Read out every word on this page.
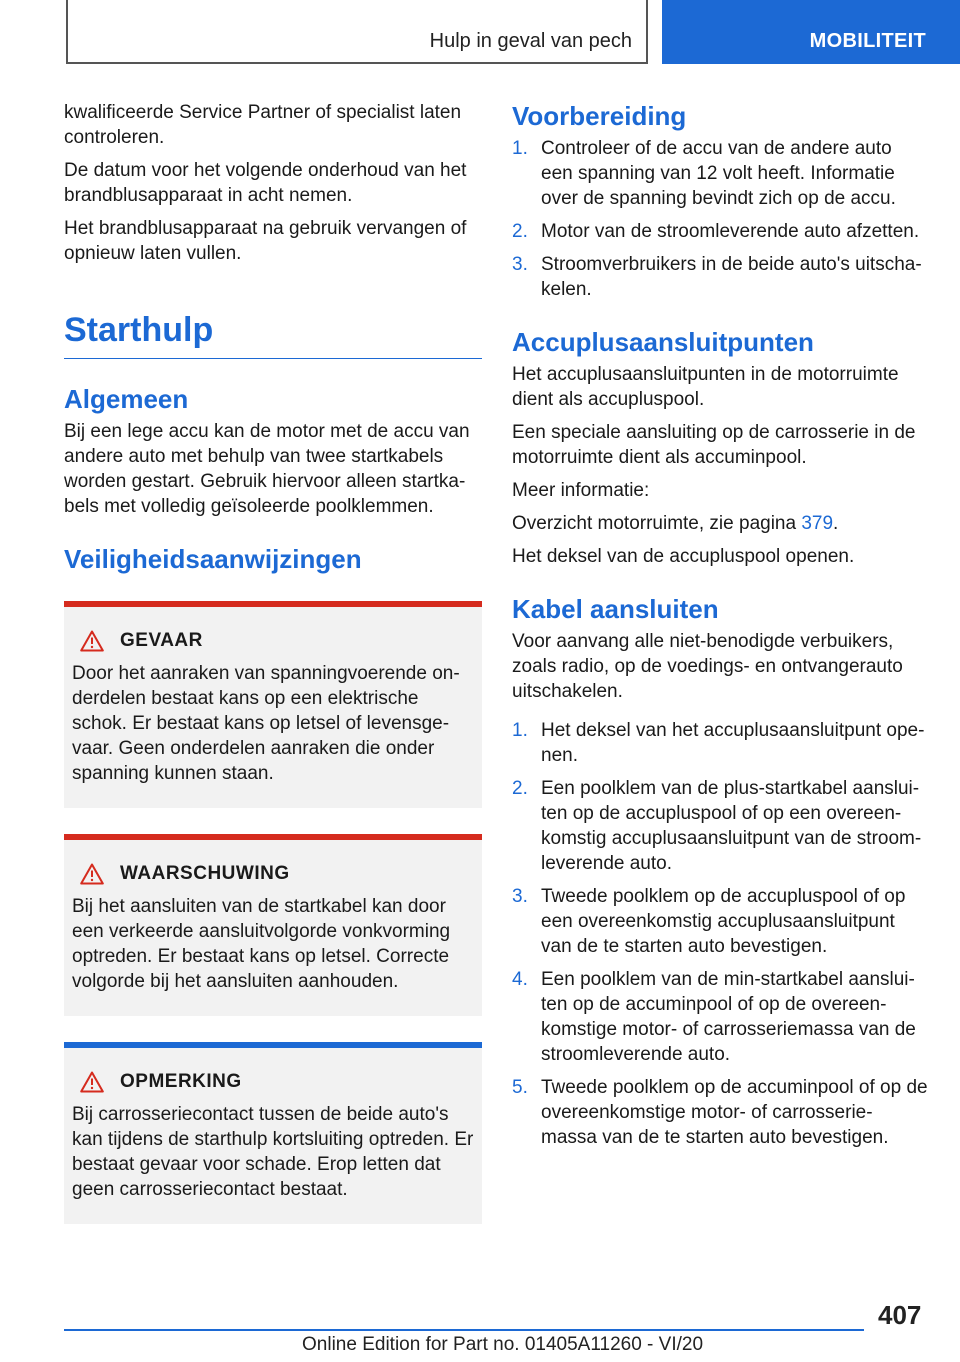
Hulp in geval van pech	MOBILITEIT

kwalificeerde Service Partner of specialist laten controleren.

De datum voor het volgende onderhoud van het brandblusapparaat in acht nemen.

Het brandblusapparaat na gebruik vervangen of opnieuw laten vullen.

Starthulp
Algemeen

Bij een lege accu kan de motor met de accu van andere auto met behulp van twee startkabels worden gestart. Gebruik hiervoor alleen startka‐bels met volledig geïsoleerde poolklemmen.

Veiligheidsaanwijzingen
GEVAAR

Door het aanraken van spanningvoerende on‐derdelen bestaat kans op een elektrische schok. Er bestaat kans op letsel of levensge‐vaar. Geen onderdelen aanraken die onder spanning kunnen staan.

WAARSCHUWING

Bij het aansluiten van de startkabel kan door een verkeerde aansluitvolgorde vonkvorming optreden. Er bestaat kans op letsel. Correcte volgorde bij het aansluiten aanhouden.

OPMERKING

Bij carrosseriecontact tussen de beide auto's kan tijdens de starthulp kortsluiting optreden. Er bestaat gevaar voor schade. Erop letten dat geen carrosseriecontact bestaat.

Voorbereiding
1. Controleer of de accu van de andere auto een spanning van 12 volt heeft. Informatie over de spanning bevindt zich op de accu.
2. Motor van de stroomleverende auto afzetten.
3. Stroomverbruikers in de beide auto's uitscha‐kelen.
Accuplusaansluitpunten

Het accuplusaansluitpunten in de motorruimte dient als accupluspool.

Een speciale aansluiting op de carrosserie in de motorruimte dient als accuminpool.

Meer informatie:

Overzicht motorruimte, zie pagina 379.

Het deksel van de accupluspool openen.

Kabel aansluiten

Voor aanvang alle niet-benodigde verbuikers, zoals radio, op de voedings- en ontvangerauto uitschakelen.

1. Het deksel van het accuplusaansluitpunt ope‐nen.
2. Een poolklem van de plus-startkabel aanslui‐ten op de accupluspool of op een overeen‐komstig accuplusaansluitpunt van de stroom‐leverende auto.
3. Tweede poolklem op de accupluspool of op een overeenkomstig accuplusaansluitpunt van de te starten auto bevestigen.
4. Een poolklem van de min-startkabel aanslui‐ten op de accuminpool of op de overeen‐komstige motor- of carrosseriemassa van de stroomleverende auto.
5. Tweede poolklem op de accuminpool of op de overeenkomstige motor- of carrosserie‐massa van de te starten auto bevestigen.
407
Online Edition for Part no. 01405A11260 - VI/20
